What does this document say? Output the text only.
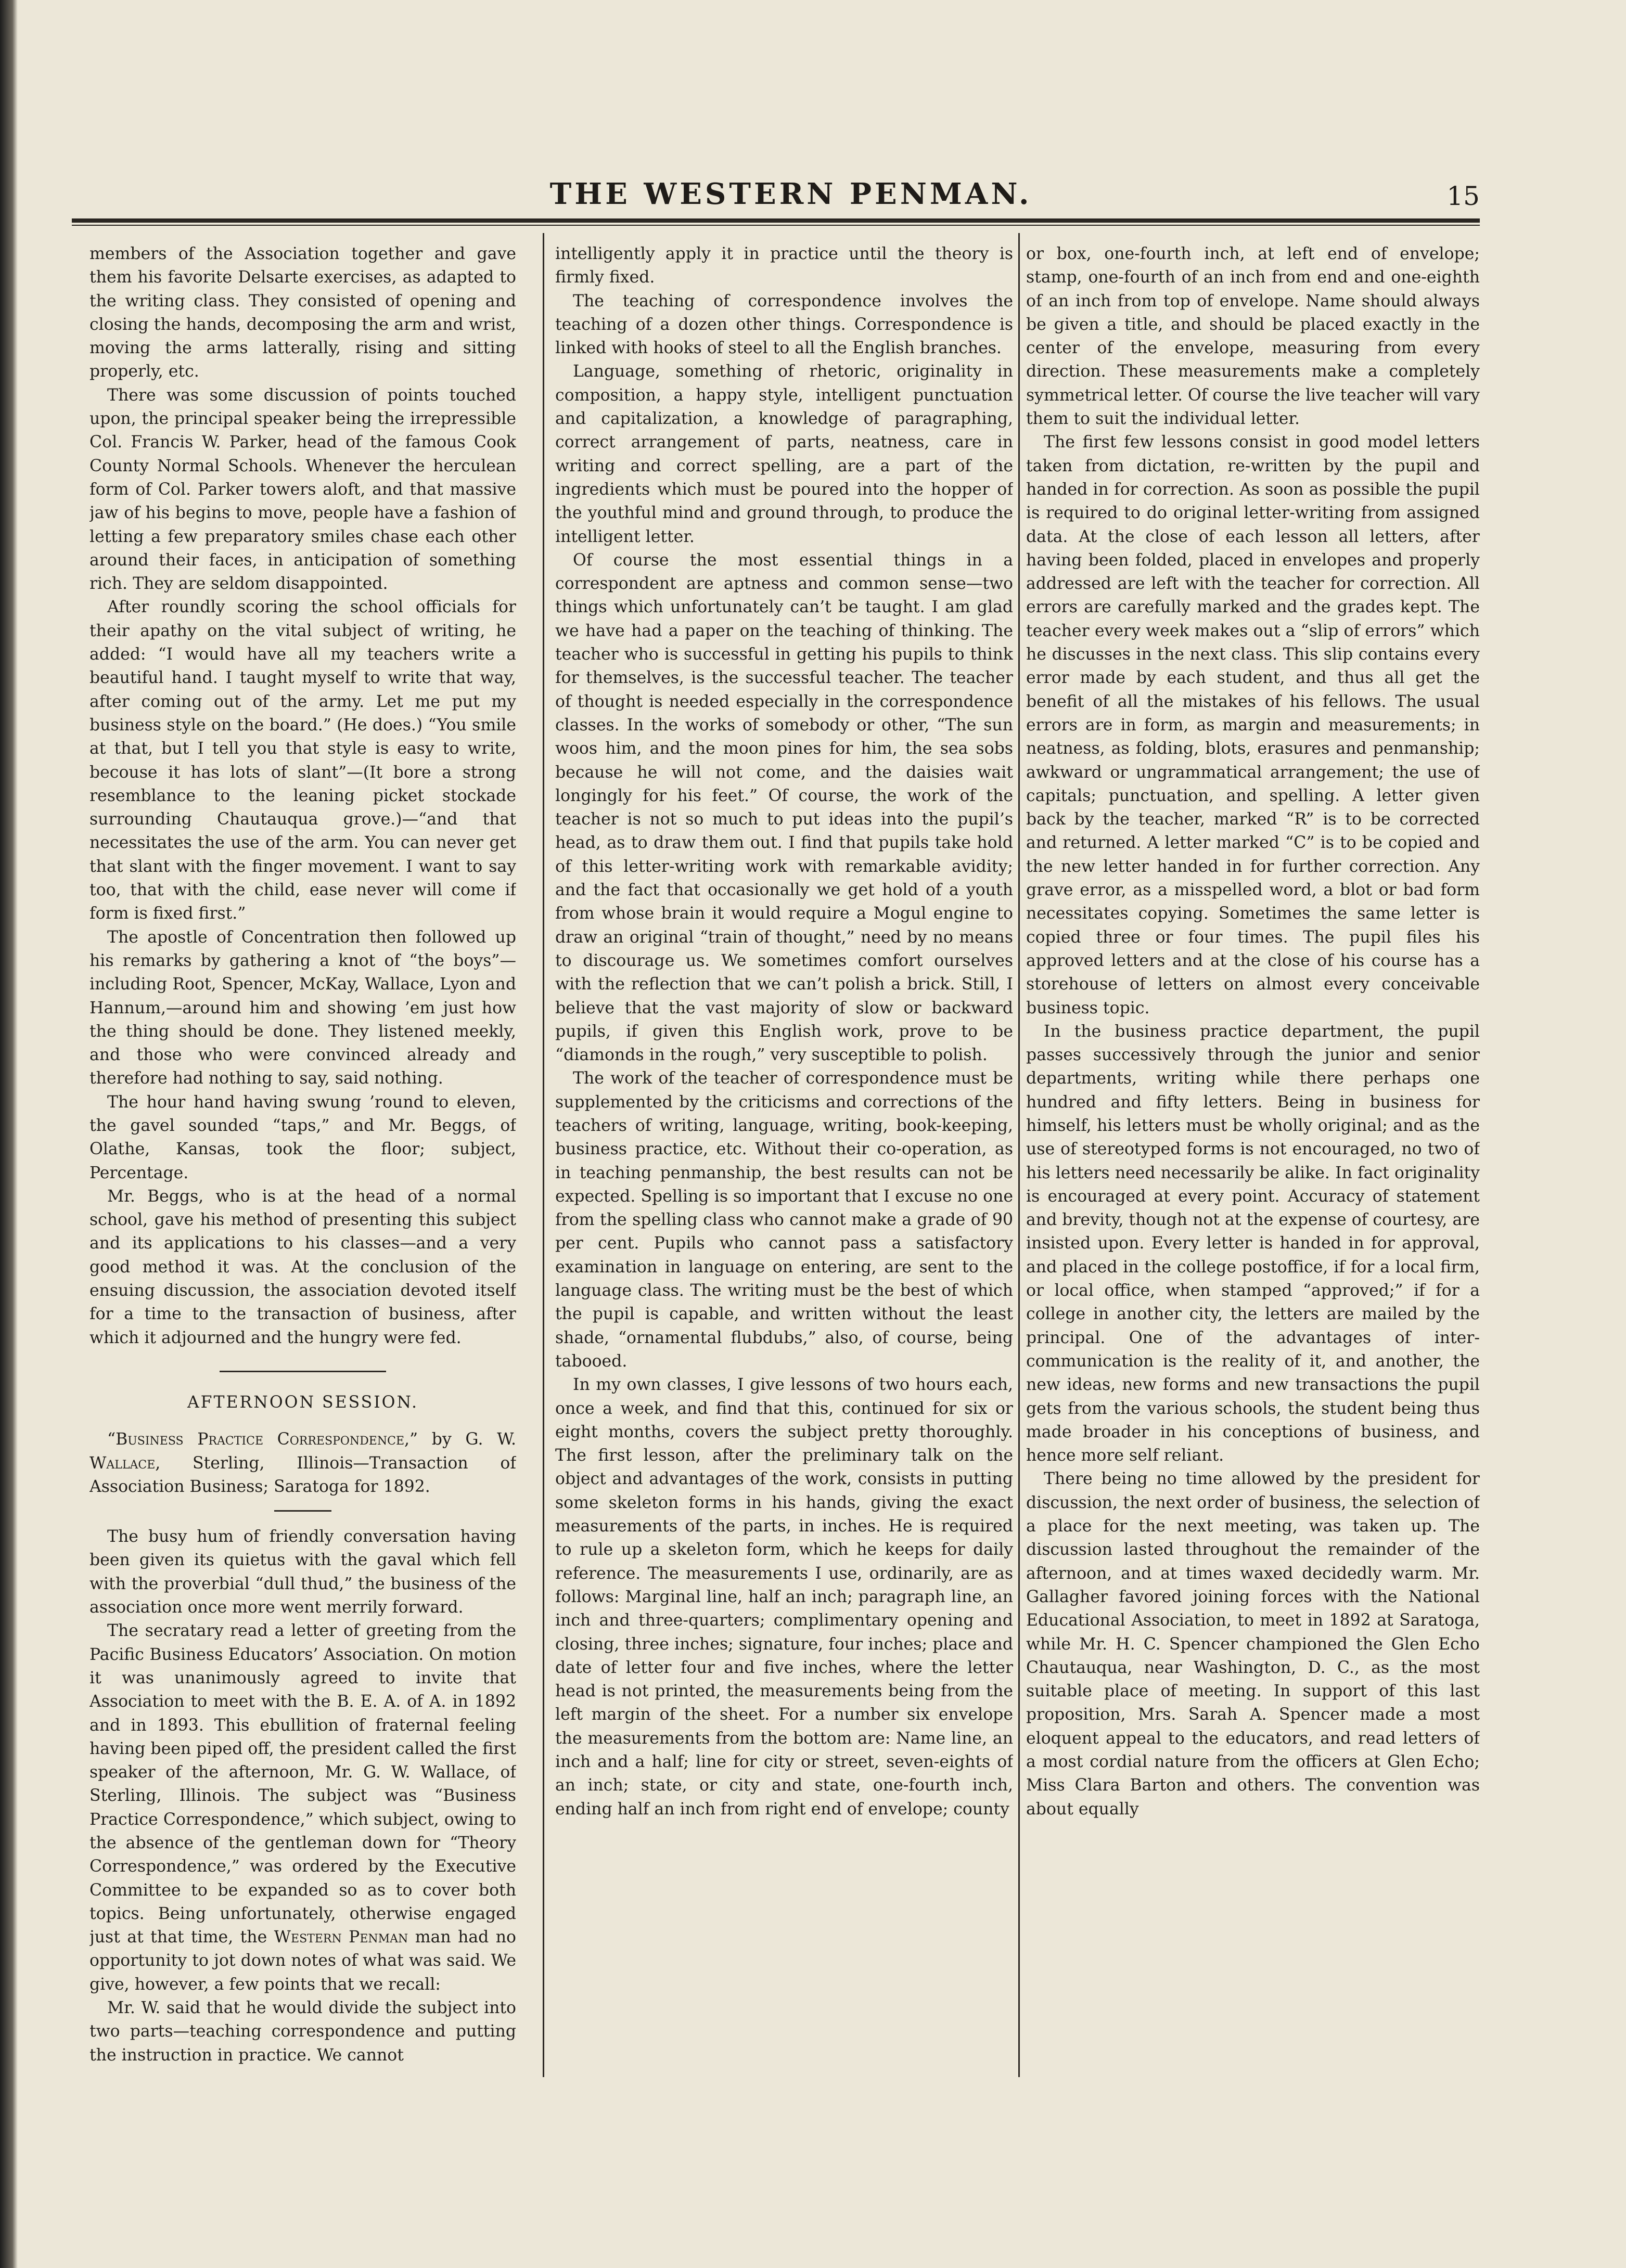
THE WESTERN PENMAN.	15

members of the Association together and gave them his favorite Delsarte exercises, as adapted to the writing class. They consisted of opening and closing the hands, decomposing the arm and wrist, moving the arms latterally, rising and sitting properly, etc.

There was some discussion of points touched upon, the principal speaker being the irrepressible Col. Francis W. Parker, head of the famous Cook County Normal Schools. Whenever the herculean form of Col. Parker towers aloft, and that massive jaw of his begins to move, people have a fashion of letting a few preparatory smiles chase each other around their faces, in anticipation of something rich. They are seldom disappointed.

After roundly scoring the school officials for their apathy on the vital subject of writing, he added: “I would have all my teachers write a beautiful hand. I taught myself to write that way, after coming out of the army. Let me put my business style on the board.” (He does.) “You smile at that, but I tell you that style is easy to write, becouse it has lots of slant”—(It bore a strong resemblance to the leaning picket stockade surrounding Chautauqua grove.)—“and that necessitates the use of the arm. You can never get that slant with the finger movement. I want to say too, that with the child, ease never will come if form is fixed first.”

The apostle of Concentration then followed up his remarks by gathering a knot of “the boys”—including Root, Spencer, McKay, Wallace, Lyon and Hannum,—around him and showing ’em just how the thing should be done. They listened meekly, and those who were convinced already and therefore had nothing to say, said nothing.

The hour hand having swung ’round to eleven, the gavel sounded “taps,” and Mr. Beggs, of Olathe, Kansas, took the floor; subject, Percentage.

Mr. Beggs, who is at the head of a normal school, gave his method of presenting this subject and its applications to his classes—and a very good method it was. At the conclusion of the ensuing discussion, the association devoted itself for a time to the transaction of business, after which it adjourned and the hungry were fed.

AFTERNOON SESSION.

“Business Practice Correspondence,” by G. W. Wallace, Sterling, Illinois—Transaction of Association Business; Saratoga for 1892.

The busy hum of friendly conversation having been given its quietus with the gaval which fell with the proverbial “dull thud,” the business of the association once more went merrily forward.

The secratary read a letter of greeting from the Pacific Business Educators’ Association. On motion it was unanimously agreed to invite that Association to meet with the B. E. A. of A. in 1892 and in 1893. This ebullition of fraternal feeling having been piped off, the president called the first speaker of the afternoon, Mr. G. W. Wallace, of Sterling, Illinois. The subject was “Business Practice Correspondence,” which subject, owing to the absence of the gentleman down for “Theory Correspondence,” was ordered by the Executive Committee to be expanded so as to cover both topics. Being unfortunately, otherwise engaged just at that time, the Western Penman man had no opportunity to jot down notes of what was said. We give, however, a few points that we recall:

Mr. W. said that he would divide the subject into two parts—teaching correspondence and putting the instruction in practice. We cannot

intelligently apply it in practice until the theory is firmly fixed.

The teaching of correspondence involves the teaching of a dozen other things. Correspondence is linked with hooks of steel to all the English branches.

Language, something of rhetoric, originality in composition, a happy style, intelligent punctuation and capitalization, a knowledge of paragraphing, correct arrangement of parts, neatness, care in writing and correct spelling, are a part of the ingredients which must be poured into the hopper of the youthful mind and ground through, to produce the intelligent letter.

Of course the most essential things in a correspondent are aptness and common sense—two things which unfortunately can’t be taught. I am glad we have had a paper on the teaching of thinking. The teacher who is successful in getting his pupils to think for themselves, is the successful teacher. The teacher of thought is needed especially in the correspondence classes. In the works of somebody or other, “The sun woos him, and the moon pines for him, the sea sobs because he will not come, and the daisies wait longingly for his feet.” Of course, the work of the teacher is not so much to put ideas into the pupil’s head, as to draw them out. I find that pupils take hold of this letter-writing work with remarkable avidity; and the fact that occasionally we get hold of a youth from whose brain it would require a Mogul engine to draw an original “train of thought,” need by no means to discourage us. We sometimes comfort ourselves with the reflection that we can’t polish a brick. Still, I believe that the vast majority of slow or backward pupils, if given this English work, prove to be “diamonds in the rough,” very susceptible to polish.

The work of the teacher of correspondence must be supplemented by the criticisms and corrections of the teachers of writing, language, writing, book-keeping, business practice, etc. Without their co-operation, as in teaching penmanship, the best results can not be expected. Spelling is so important that I excuse no one from the spelling class who cannot make a grade of 90 per cent. Pupils who cannot pass a satisfactory examination in language on entering, are sent to the language class. The writing must be the best of which the pupil is capable, and written without the least shade, “ornamental flubdubs,” also, of course, being tabooed.

In my own classes, I give lessons of two hours each, once a week, and find that this, continued for six or eight months, covers the subject pretty thoroughly. The first lesson, after the preliminary talk on the object and advantages of the work, consists in putting some skeleton forms in his hands, giving the exact measurements of the parts, in inches. He is required to rule up a skeleton form, which he keeps for daily reference. The measurements I use, ordinarily, are as follows: Marginal line, half an inch; paragraph line, an inch and three-quarters; complimentary opening and closing, three inches; signature, four inches; place and date of letter four and five inches, where the letter head is not printed, the measurements being from the left margin of the sheet. For a number six envelope the measurements from the bottom are: Name line, an inch and a half; line for city or street, seven-eights of an inch; state, or city and state, one-fourth inch, ending half an inch from right end of envelope; county

or box, one-fourth inch, at left end of envelope; stamp, one-fourth of an inch from end and one-eighth of an inch from top of envelope. Name should always be given a title, and should be placed exactly in the center of the envelope, measuring from every direction. These measurements make a completely symmetrical letter. Of course the live teacher will vary them to suit the individual letter.

The first few lessons consist in good model letters taken from dictation, re-written by the pupil and handed in for correction. As soon as possible the pupil is required to do original letter-writing from assigned data. At the close of each lesson all letters, after having been folded, placed in envelopes and properly addressed are left with the teacher for correction. All errors are carefully marked and the grades kept. The teacher every week makes out a “slip of errors” which he discusses in the next class. This slip contains every error made by each student, and thus all get the benefit of all the mistakes of his fellows. The usual errors are in form, as margin and measurements; in neatness, as folding, blots, erasures and penmanship; awkward or ungrammatical arrangement; the use of capitals; punctuation, and spelling. A letter given back by the teacher, marked “R” is to be corrected and returned. A letter marked “C” is to be copied and the new letter handed in for further correction. Any grave error, as a misspelled word, a blot or bad form necessitates copying. Sometimes the same letter is copied three or four times. The pupil files his approved letters and at the close of his course has a storehouse of letters on almost every conceivable business topic.

In the business practice department, the pupil passes successively through the junior and senior departments, writing while there perhaps one hundred and fifty letters. Being in business for himself, his letters must be wholly original; and as the use of stereotyped forms is not encouraged, no two of his letters need necessarily be alike. In fact originality is encouraged at every point. Accuracy of statement and brevity, though not at the expense of courtesy, are insisted upon. Every letter is handed in for approval, and placed in the college postoffice, if for a local firm, or local office, when stamped “approved;” if for a college in another city, the letters are mailed by the principal. One of the advantages of inter-communication is the reality of it, and another, the new ideas, new forms and new transactions the pupil gets from the various schools, the student being thus made broader in his conceptions of business, and hence more self reliant.

There being no time allowed by the president for discussion, the next order of business, the selection of a place for the next meeting, was taken up. The discussion lasted throughout the remainder of the afternoon, and at times waxed decidedly warm. Mr. Gallagher favored joining forces with the National Educational Association, to meet in 1892 at Saratoga, while Mr. H. C. Spencer championed the Glen Echo Chautauqua, near Washington, D. C., as the most suitable place of meeting. In support of this last proposition, Mrs. Sarah A. Spencer made a most eloquent appeal to the educators, and read letters of a most cordial nature from the officers at Glen Echo; Miss Clara Barton and others. The convention was about equally
